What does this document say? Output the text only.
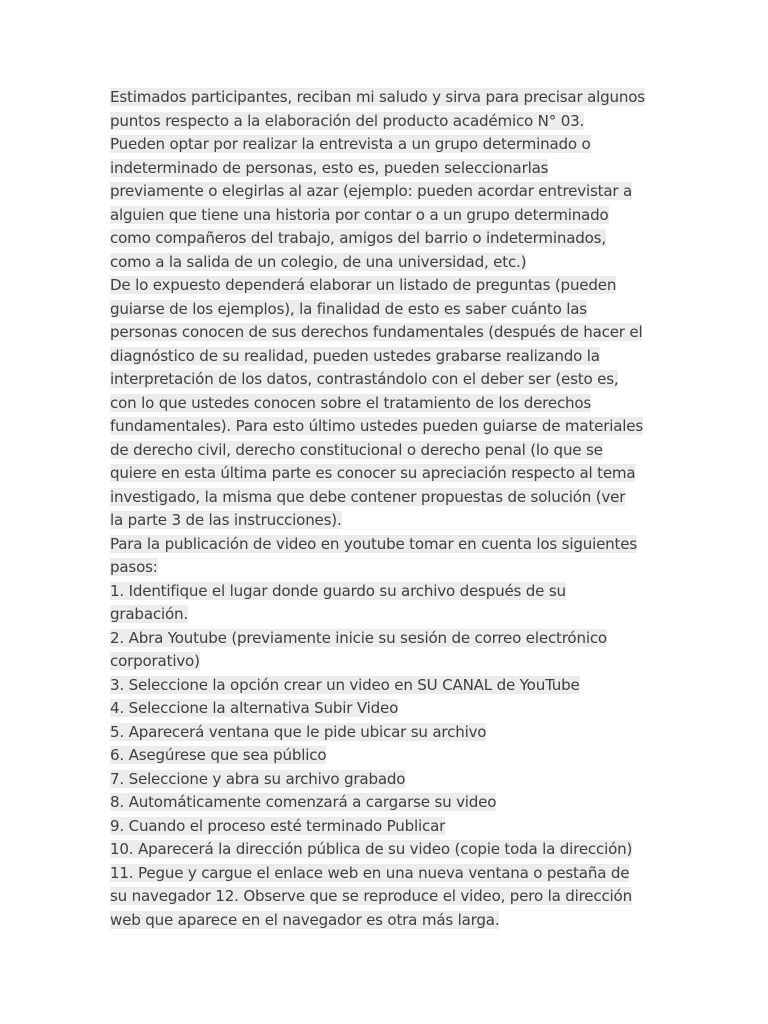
Estimados participantes, reciban mi saludo y sirva para precisar algunos
puntos respecto a la elaboración del producto académico N° 03.
Pueden optar por realizar la entrevista a un grupo determinado o
indeterminado de personas, esto es, pueden seleccionarlas
previamente o elegirlas al azar (ejemplo: pueden acordar entrevistar a
alguien que tiene una historia por contar o a un grupo determinado
como compañeros del trabajo, amigos del barrio o indeterminados,
como a la salida de un colegio, de una universidad, etc.)
De lo expuesto dependerá elaborar un listado de preguntas (pueden
guiarse de los ejemplos), la finalidad de esto es saber cuánto las
personas conocen de sus derechos fundamentales (después de hacer el
diagnóstico de su realidad, pueden ustedes grabarse realizando la
interpretación de los datos, contrastándolo con el deber ser (esto es,
con lo que ustedes conocen sobre el tratamiento de los derechos
fundamentales). Para esto último ustedes pueden guiarse de materiales
de derecho civil, derecho constitucional o derecho penal (lo que se
quiere en esta última parte es conocer su apreciación respecto al tema
investigado, la misma que debe contener propuestas de solución (ver
la parte 3 de las instrucciones).
Para la publicación de video en youtube tomar en cuenta los siguientes
pasos:
1. Identifique el lugar donde guardo su archivo después de su
grabación.
2. Abra Youtube (previamente inicie su sesión de correo electrónico
corporativo)
3. Seleccione la opción crear un video en SU CANAL de YouTube
4. Seleccione la alternativa Subir Video
5. Aparecerá ventana que le pide ubicar su archivo
6. Asegúrese que sea público
7. Seleccione y abra su archivo grabado
8. Automáticamente comenzará a cargarse su video
9. Cuando el proceso esté terminado Publicar
10. Aparecerá la dirección pública de su video (copie toda la dirección)
11. Pegue y cargue el enlace web en una nueva ventana o pestaña de
su navegador 12. Observe que se reproduce el video, pero la dirección
web que aparece en el navegador es otra más larga.
